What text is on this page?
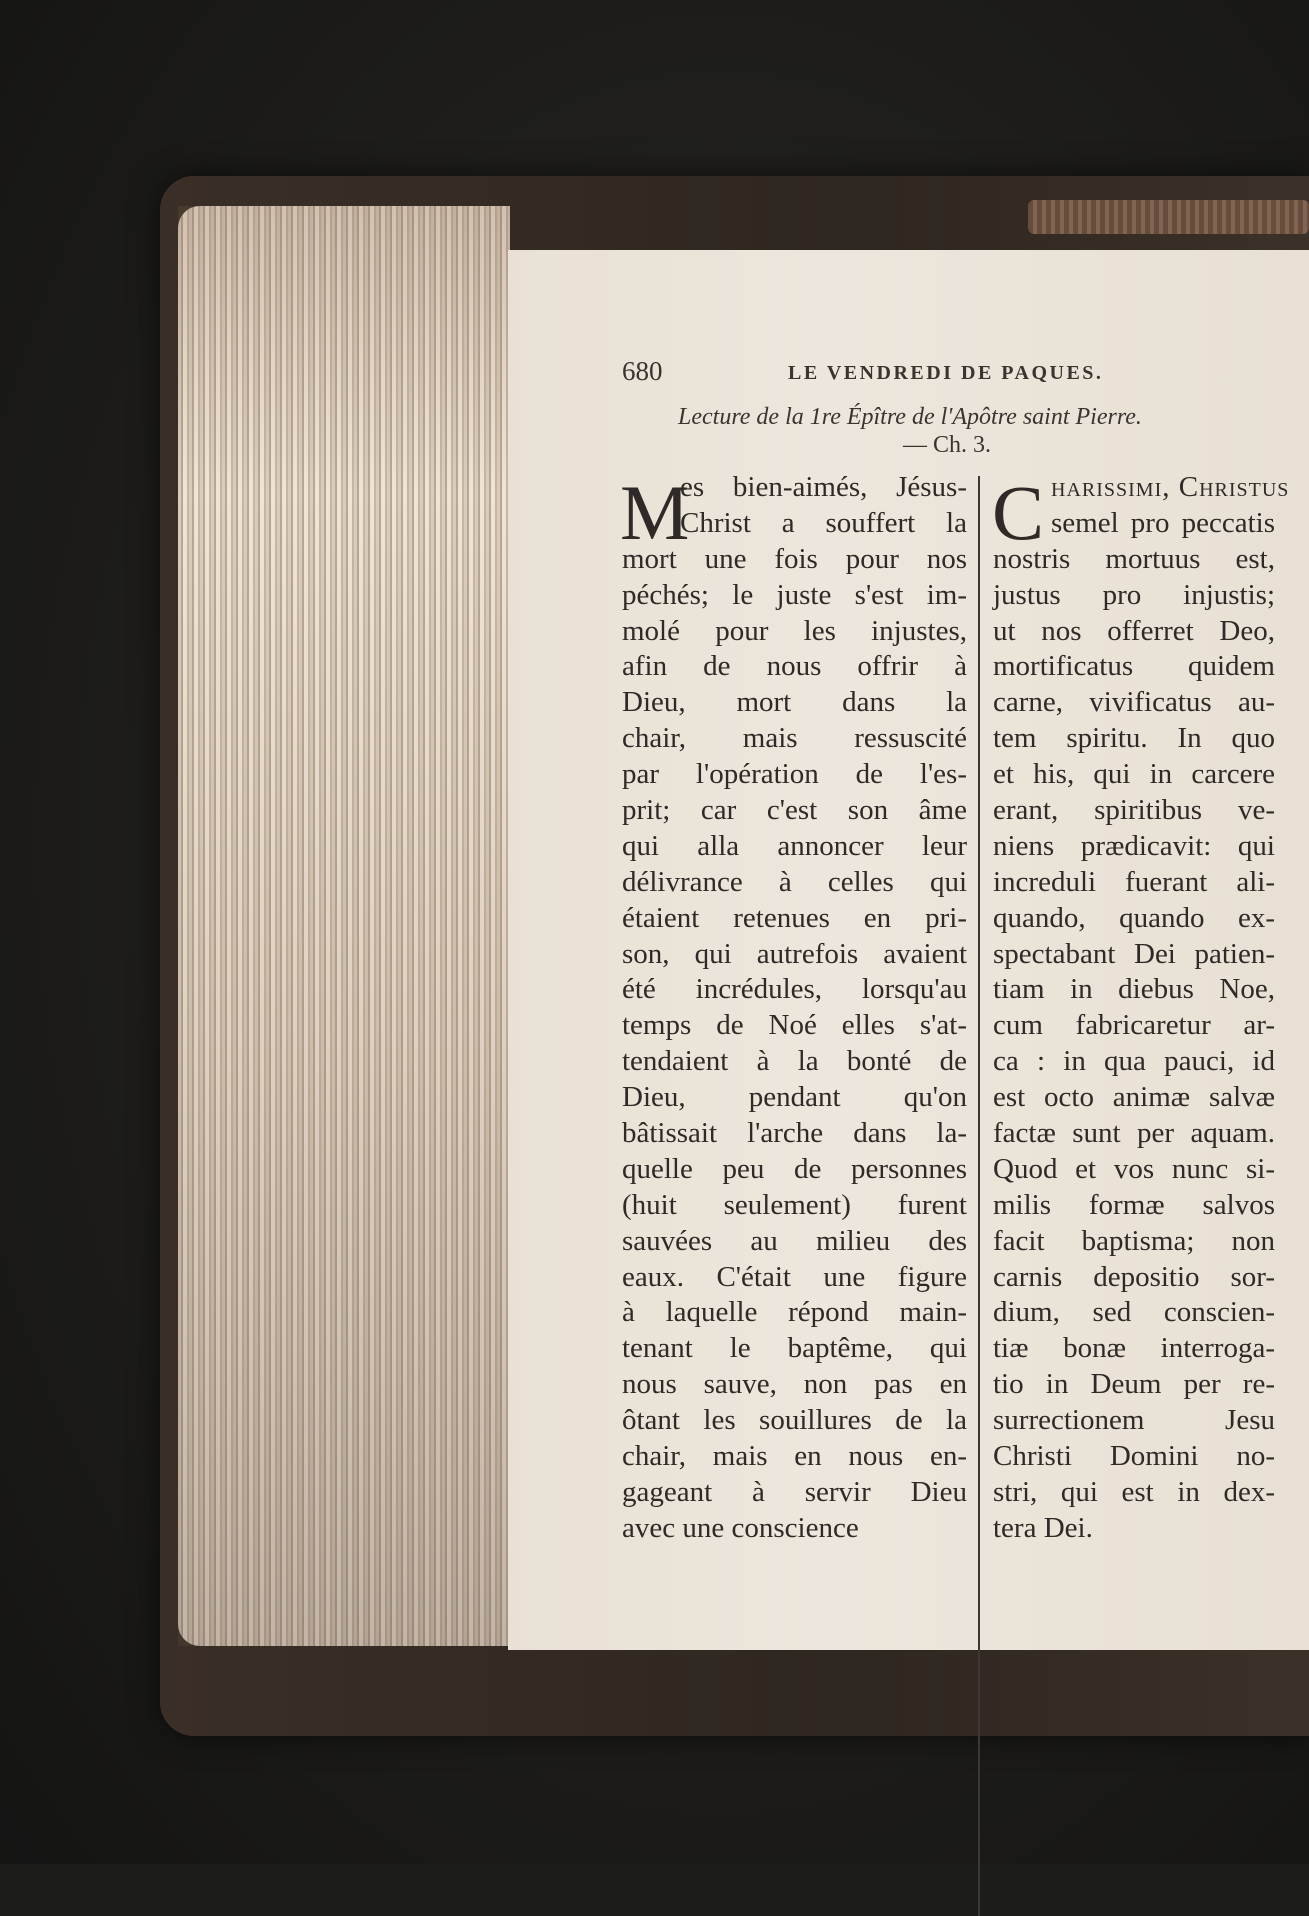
680	LE VENDREDI DE PAQUES.
Lecture de la 1re Épître de l'Apôtre saint Pierre.
— Ch. 3.
M
es bien-aimés, Jésus-
Christ a souffert la
mort une fois pour nos
péchés; le juste s'est im-
molé pour les injustes,
afin de nous offrir à
Dieu, mort dans la
chair, mais ressuscité
par l'opération de l'es-
prit; car c'est son âme
qui alla annoncer leur
délivrance à celles qui
étaient retenues en pri-
son, qui autrefois avaient
été incrédules, lorsqu'au
temps de Noé elles s'at-
tendaient à la bonté de
Dieu, pendant qu'on
bâtissait l'arche dans la-
quelle peu de personnes
(huit seulement) furent
sauvées au milieu des
eaux. C'était une figure
à laquelle répond main-
tenant le baptême, qui
nous sauve, non pas en
ôtant les souillures de la
chair, mais en nous en-
gageant à servir Dieu
avec une conscience
C harissimi, Christus
semel pro peccatis
nostris mortuus est,
justus pro injustis;
ut nos offerret Deo,
mortificatus quidem
carne, vivificatus au-
tem spiritu. In quo
et his, qui in carcere
erant, spiritibus ve-
niens prædicavit: qui
increduli fuerant ali-
quando, quando ex-
spectabant Dei patien-
tiam in diebus Noe,
cum fabricaretur ar-
ca : in qua pauci, id
est octo animæ salvæ
factæ sunt per aquam.
Quod et vos nunc si-
milis formæ salvos
facit baptisma; non
carnis depositio sor-
dium, sed conscien-
tiæ bonæ interroga-
tio in Deum per re-
surrectionem Jesu
Christi Domini no-
stri, qui est in dex-
tera Dei.
